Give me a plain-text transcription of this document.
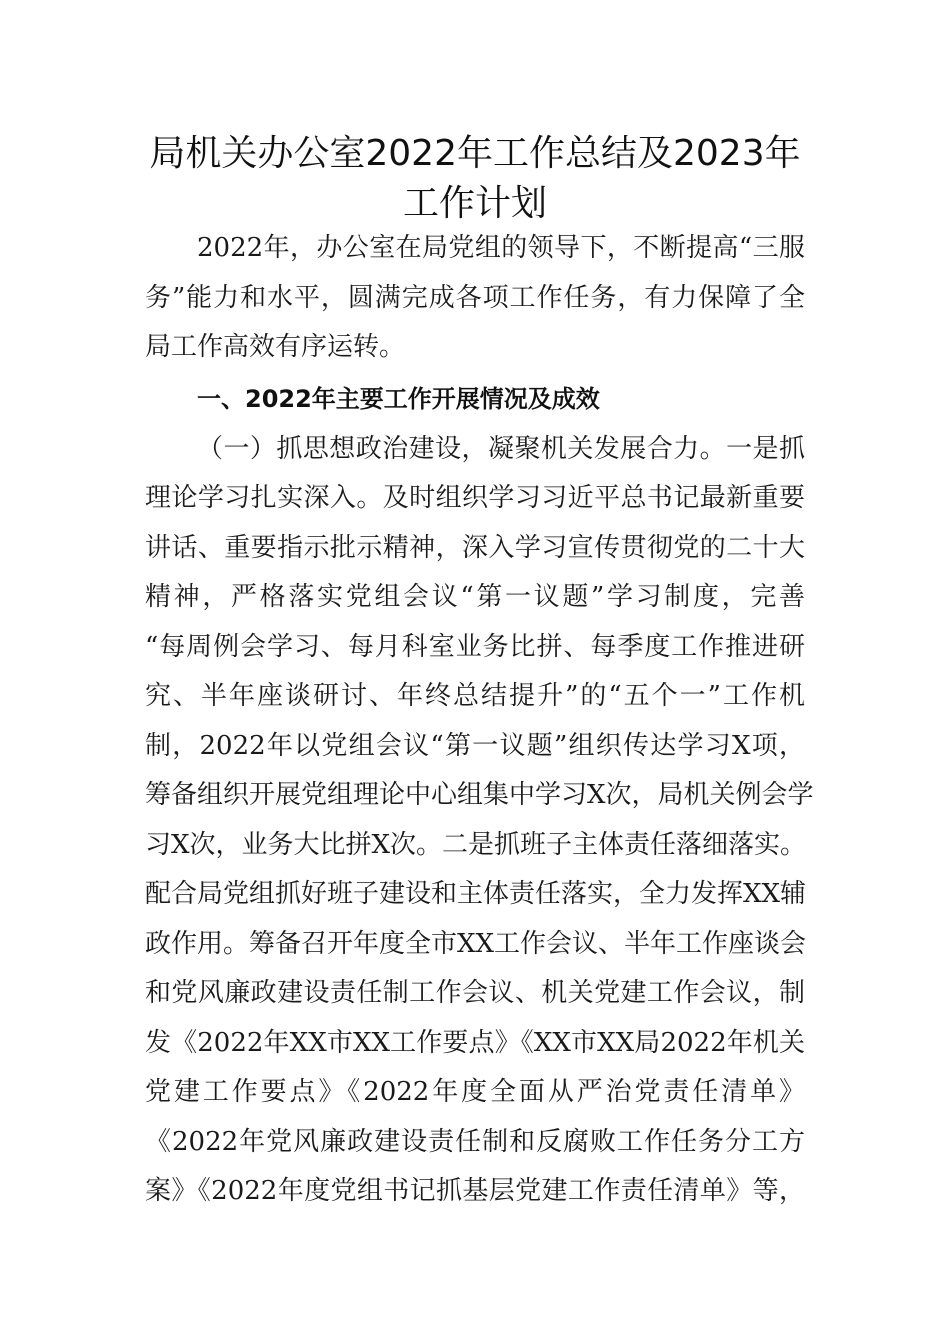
局机关办公室2022年工作总结及2023年
工作计划
2022年，办公室在局党组的领导下，不断提高“三服
务”能力和水平，圆满完成各项工作任务，有力保障了全
局工作高效有序运转。
一、2022年主要工作开展情况及成效
（一）抓思想政治建设，凝聚机关发展合力。一是抓
理论学习扎实深入。及时组织学习习近平总书记最新重要
讲话、重要指示批示精神，深入学习宣传贯彻党的二十大
精神，严格落实党组会议“第一议题”学习制度，完善
“每周例会学习、每月科室业务比拼、每季度工作推进研
究、半年座谈研讨、年终总结提升”的“五个一”工作机
制，2022年以党组会议“第一议题”组织传达学习X项，
筹备组织开展党组理论中心组集中学习X次，局机关例会学
习X次，业务大比拼X次。二是抓班子主体责任落细落实。
配合局党组抓好班子建设和主体责任落实，全力发挥XX辅
政作用。筹备召开年度全市XX工作会议、半年工作座谈会
和党风廉政建设责任制工作会议、机关党建工作会议，制
发《2022年XX市XX工作要点》《XX市XX局2022年机关
党建工作要点》《2022年度全面从严治党责任清单》
《2022年党风廉政建设责任制和反腐败工作任务分工方
案》《2022年度党组书记抓基层党建工作责任清单》等，
